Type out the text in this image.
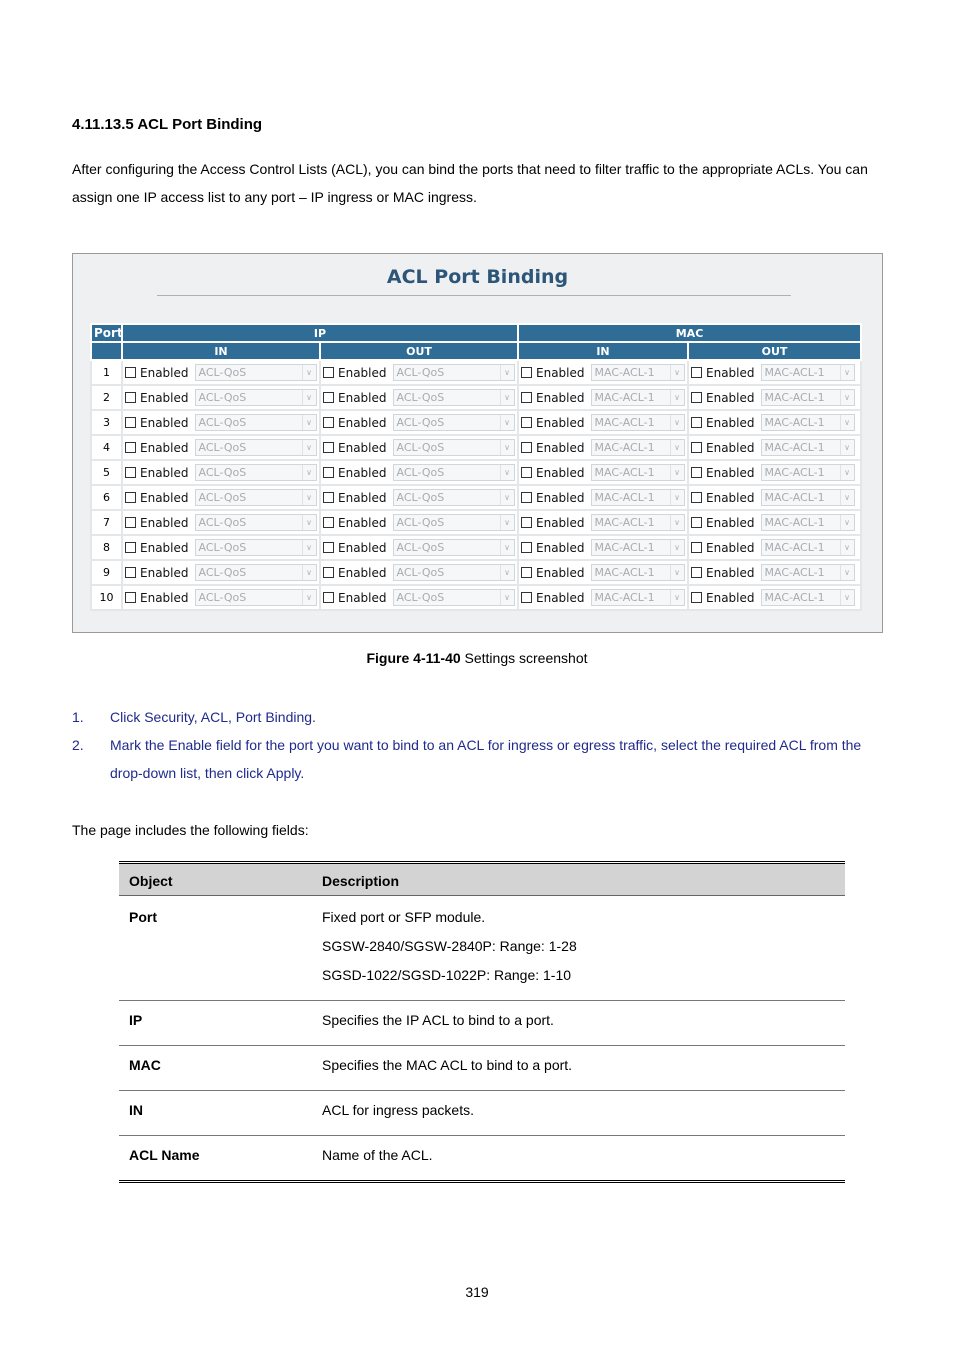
4.11.13.5 ACL Port Binding

After configuring the Access Control Lists (ACL), you can bind the ports that need to filter traffic to the appropriate ACLs. You can assign one IP access list to any port – IP ingress or MAC ingress.

ACL Port Binding
Port	IP		MAC	
	IN	OUT	IN	OUT
1	Enabled ACL-QoS ∨	Enabled ACL-QoS ∨	Enabled MAC-ACL-1 ∨	Enabled MAC-ACL-1 ∨

2	Enabled ACL-QoS ∨	Enabled ACL-QoS ∨	Enabled MAC-ACL-1 ∨	Enabled MAC-ACL-1 ∨

3	Enabled ACL-QoS ∨	Enabled ACL-QoS ∨	Enabled MAC-ACL-1 ∨	Enabled MAC-ACL-1 ∨

4	Enabled ACL-QoS ∨	Enabled ACL-QoS ∨	Enabled MAC-ACL-1 ∨	Enabled MAC-ACL-1 ∨

5	Enabled ACL-QoS ∨	Enabled ACL-QoS ∨	Enabled MAC-ACL-1 ∨	Enabled MAC-ACL-1 ∨

6	Enabled ACL-QoS ∨	Enabled ACL-QoS ∨	Enabled MAC-ACL-1 ∨	Enabled MAC-ACL-1 ∨

7	Enabled ACL-QoS ∨	Enabled ACL-QoS ∨	Enabled MAC-ACL-1 ∨	Enabled MAC-ACL-1 ∨

8	Enabled ACL-QoS ∨	Enabled ACL-QoS ∨	Enabled MAC-ACL-1 ∨	Enabled MAC-ACL-1 ∨

9	Enabled ACL-QoS ∨	Enabled ACL-QoS ∨	Enabled MAC-ACL-1 ∨	Enabled MAC-ACL-1 ∨

10	Enabled ACL-QoS ∨	Enabled ACL-QoS ∨	Enabled MAC-ACL-1 ∨	Enabled MAC-ACL-1 ∨
Figure 4-11-40 Settings screenshot
1.	Click Security, ACL, Port Binding.
2.	Mark the Enable field for the port you want to bind to an ACL for ingress or egress traffic, select the required ACL from the drop-down list, then click Apply.
The page includes the following fields:
Object	Description
Port	Fixed port or SFP module.

SGSW-2840/SGSW-2840P: Range: 1-28

SGSD-1022/SGSD-1022P: Range: 1-10

IP	Specifies the IP ACL to bind to a port.
MAC	Specifies the MAC ACL to bind to a port.
IN	ACL for ingress packets.
ACL Name	Name of the ACL.
319
